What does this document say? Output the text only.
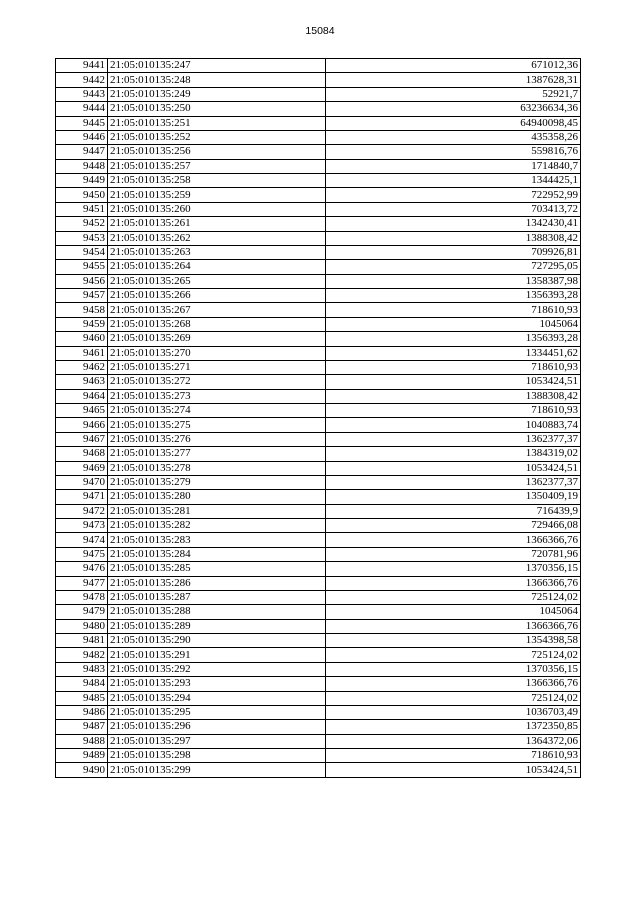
15084
9441	21:05:010135:247	671012,36
9442	21:05:010135:248	1387628,31
9443	21:05:010135:249	52921,7
9444	21:05:010135:250	63236634,36
9445	21:05:010135:251	64940098,45
9446	21:05:010135:252	435358,26
9447	21:05:010135:256	559816,76
9448	21:05:010135:257	1714840,7
9449	21:05:010135:258	1344425,1
9450	21:05:010135:259	722952,99
9451	21:05:010135:260	703413,72
9452	21:05:010135:261	1342430,41
9453	21:05:010135:262	1388308,42
9454	21:05:010135:263	709926,81
9455	21:05:010135:264	727295,05
9456	21:05:010135:265	1358387,98
9457	21:05:010135:266	1356393,28
9458	21:05:010135:267	718610,93
9459	21:05:010135:268	1045064
9460	21:05:010135:269	1356393,28
9461	21:05:010135:270	1334451,62
9462	21:05:010135:271	718610,93
9463	21:05:010135:272	1053424,51
9464	21:05:010135:273	1388308,42
9465	21:05:010135:274	718610,93
9466	21:05:010135:275	1040883,74
9467	21:05:010135:276	1362377,37
9468	21:05:010135:277	1384319,02
9469	21:05:010135:278	1053424,51
9470	21:05:010135:279	1362377,37
9471	21:05:010135:280	1350409,19
9472	21:05:010135:281	716439,9
9473	21:05:010135:282	729466,08
9474	21:05:010135:283	1366366,76
9475	21:05:010135:284	720781,96
9476	21:05:010135:285	1370356,15
9477	21:05:010135:286	1366366,76
9478	21:05:010135:287	725124,02
9479	21:05:010135:288	1045064
9480	21:05:010135:289	1366366,76
9481	21:05:010135:290	1354398,58
9482	21:05:010135:291	725124,02
9483	21:05:010135:292	1370356,15
9484	21:05:010135:293	1366366,76
9485	21:05:010135:294	725124,02
9486	21:05:010135:295	1036703,49
9487	21:05:010135:296	1372350,85
9488	21:05:010135:297	1364372,06
9489	21:05:010135:298	718610,93
9490	21:05:010135:299	1053424,51
